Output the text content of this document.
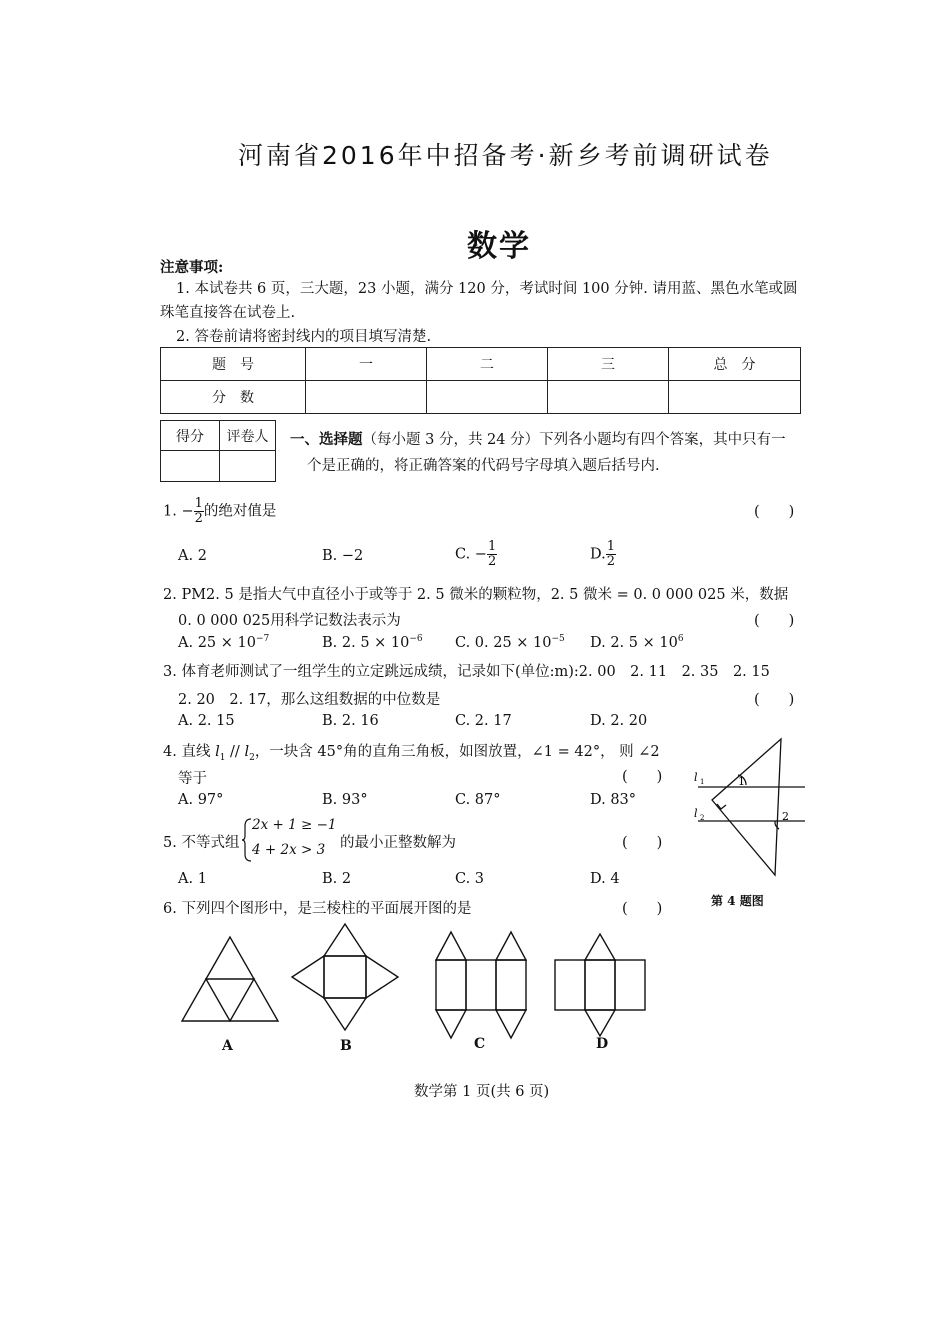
河南省2016年中招备考·新乡考前调研试卷
数学
注意事项:
1. 本试卷共 6 页，三大题，23 小题，满分 120 分，考试时间 100 分钟. 请用蓝、黑色水笔或圆
珠笔直接答在试卷上.
2. 答卷前请将密封线内的项目填写清楚.
题　号	一	二	三	总　分
分　数				
得分	评卷人
	一、选择题（每小题 3 分，共 24 分）下列各小题均有四个答案，其中只有一
个是正确的，将正确答案的代码号字母填入题后括号内.
1. − $\frac{1}{2}$ 的绝对值是	(　　)
A. 2	B. −2	C. − $\frac{1}{2}$	D. $\frac{1}{2}$
2. PM2. 5 是指大气中直径小于或等于 2. 5 微米的颗粒物，2. 5 微米 = 0. 0 000 025 米，数据
0. 0 000 025用科学记数法表示为	(　　)
A. $25 \times 10^{-7}$	B. 2. $5 \times 10^{-6}$ C. 0. $25 \times 10^{-5}$ D. 2. $5 \times 10^6$
3. 体育老师测试了一组学生的立定跳远成绩，记录如下(单位:m):2. 00　2. 11　2. 35　2. 15
2. 20　2. 17，那么这组数据的中位数是	(　　)
A. 2. 15	B. 2. 16	C. 2. 17	D. 2. 20
4. 直线 $l_1 // l_2$，一块含 45°角的直角三角板，如图放置，∠1 = 42°， 则 ∠2
等于	(　　)
A. 97°	B. 93°	C. 87°	D. 83°
l 1
l 2
1
2
第 4 题图
5. 不等式组
2x + 1 ≥ −1
4 + 2x > 3 的最小正整数解为	(　　)
A. 1	B. 2	C. 3	D. 4
6. 下列四个图形中，是三棱柱的平面展开图的是	(　　)
A	B	C	D
数学第 1 页(共 6 页)
